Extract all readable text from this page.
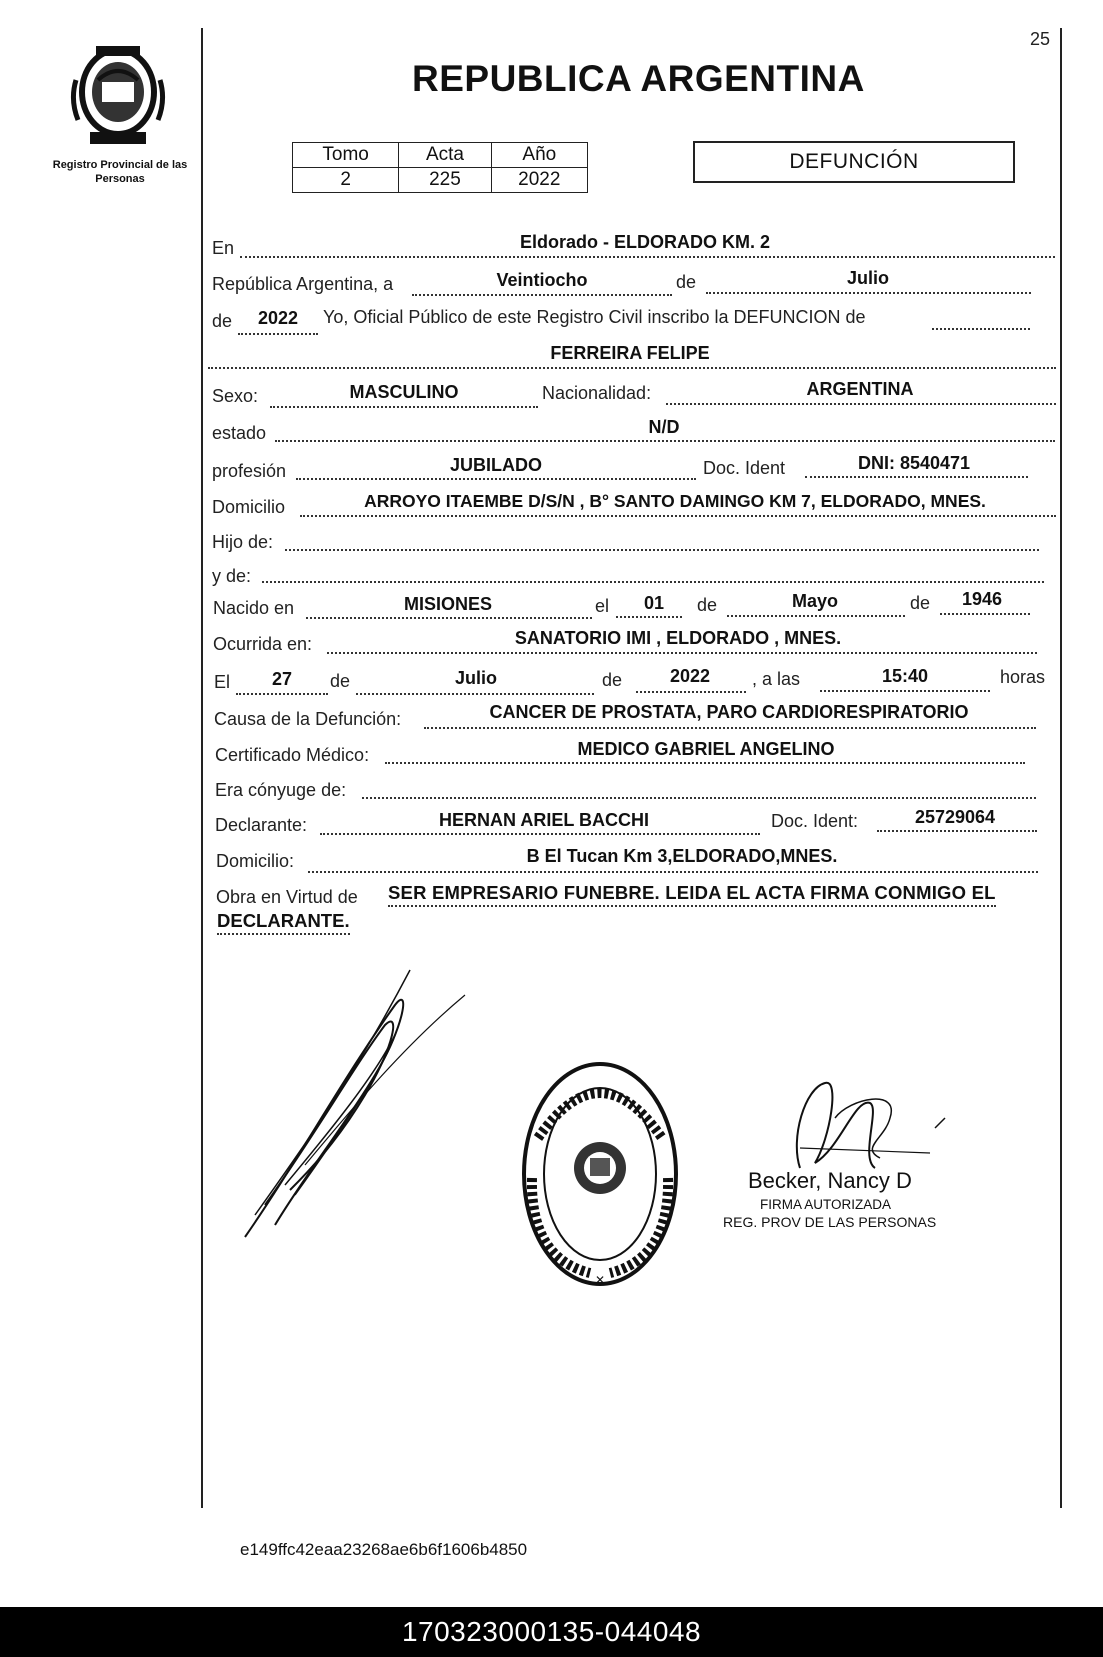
25
Registro Provincial de las Personas
REPUBLICA ARGENTINA
Tomo	Acta	Año
2	225	2022
DEFUNCIÓN
En	Eldorado - ELDORADO KM. 2
República Argentina, a	Veintiocho	de	Julio
de 2022 Yo, Oficial Público de este Registro Civil inscribo la DEFUNCION de
FERREIRA FELIPE
Sexo:	MASCULINO	Nacionalidad:	ARGENTINA
estado	N/D
profesión	JUBILADO	Doc. Ident	DNI: 8540471
Domicilio	ARROYO ITAEMBE D/S/N , B° SANTO DAMINGO KM 7, ELDORADO, MNES.
Hijo de:
y de:
Nacido en	MISIONES	el 01 de	Mayo	de 1946
Ocurrida en:	SANATORIO IMI , ELDORADO , MNES.
El 27 de	Julio	de	2022 , a las	15:40	horas
Causa de la Defunción:	CANCER DE PROSTATA, PARO CARDIORESPIRATORIO
Certificado Médico:	MEDICO GABRIEL ANGELINO
Era cónyuge de:
Declarante:	HERNAN ARIEL BACCHI	Doc. Ident:	25729064
Domicilio:	B El Tucan Km 3,ELDORADO,MNES.
Obra en Virtud de SER EMPRESARIO FUNEBRE. LEIDA EL ACTA FIRMA CONMIGO EL
DECLARANTE.
✕
Becker, Nancy D
FIRMA AUTORIZADA
REG. PROV DE LAS PERSONAS
e149ffc42eaa23268ae6b6f1606b4850
170323000135-044048
